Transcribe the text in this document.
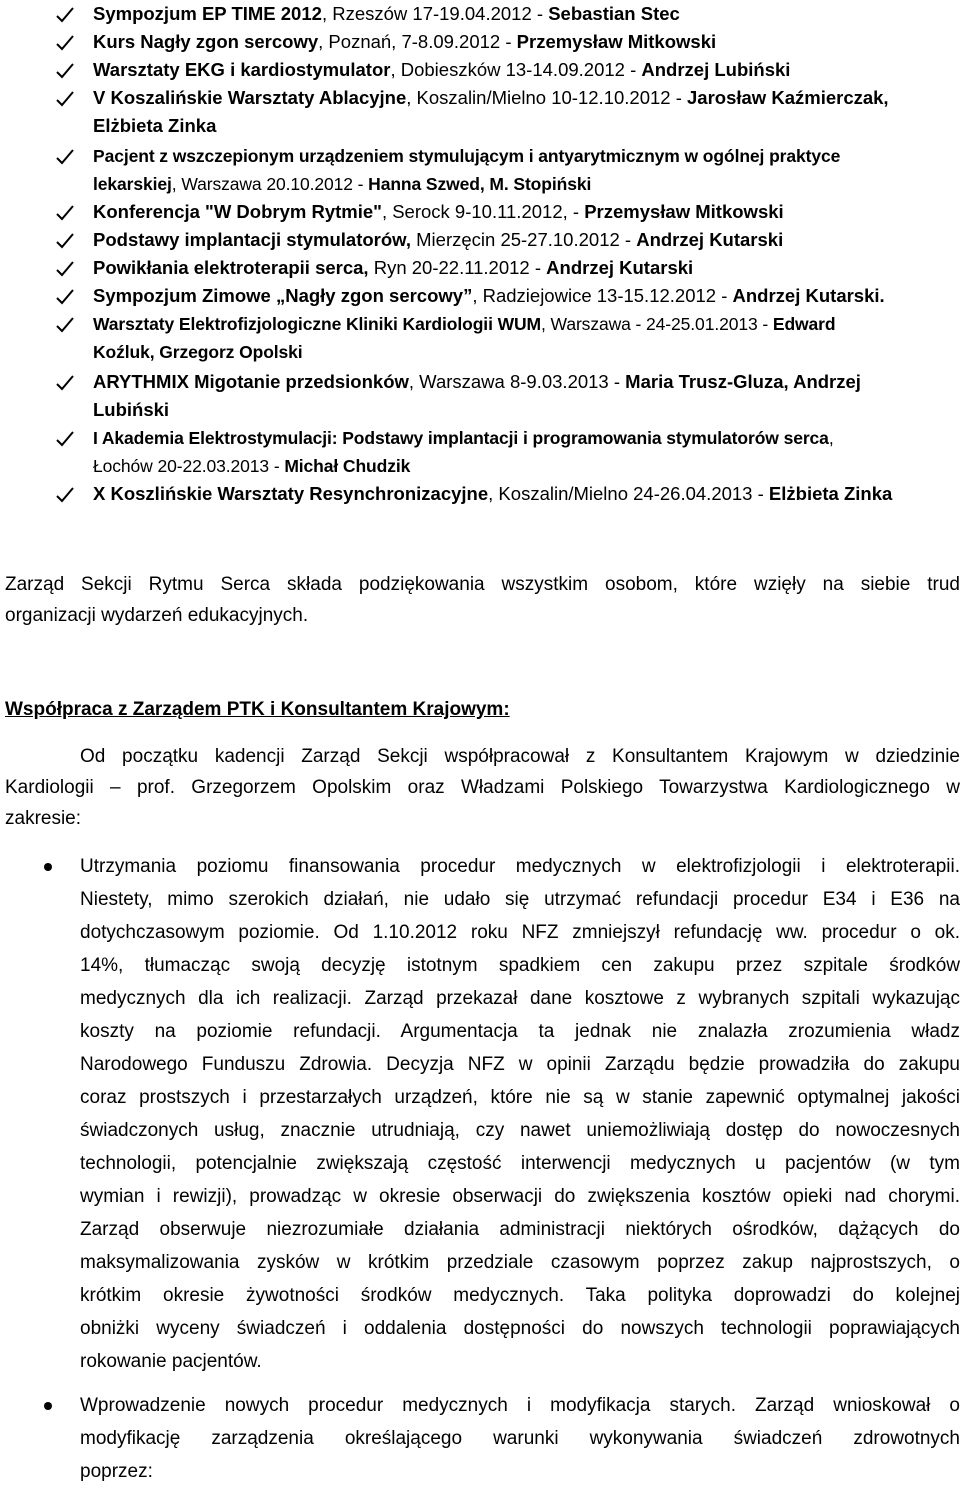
Sympozjum EP TIME 2012, Rzeszów 17-19.04.2012 - Sebastian Stec
Kurs Nagły zgon sercowy, Poznań, 7-8.09.2012 - Przemysław Mitkowski
Warsztaty EKG i kardiostymulator, Dobieszków 13-14.09.2012 - Andrzej Lubiński
V Koszalińskie Warsztaty Ablacyjne, Koszalin/Mielno 10-12.10.2012 - Jarosław Kaźmierczak,
Elżbieta Zinka
Pacjent z wszczepionym urządzeniem stymulującym i antyarytmicznym w ogólnej praktyce
lekarskiej, Warszawa 20.10.2012 - Hanna Szwed, M. Stopiński
Konferencja "W Dobrym Rytmie", Serock 9-10.11.2012, - Przemysław Mitkowski
Podstawy implantacji stymulatorów, Mierzęcin 25-27.10.2012 - Andrzej Kutarski
Powikłania elektroterapii serca, Ryn 20-22.11.2012 - Andrzej Kutarski
Sympozjum Zimowe „Nagły zgon sercowy”, Radziejowice 13-15.12.2012 - Andrzej Kutarski.
Warsztaty Elektrofizjologiczne Kliniki Kardiologii WUM, Warszawa - 24-25.01.2013 - Edward
Koźluk, Grzegorz Opolski
ARYTHMIX Migotanie przedsionków, Warszawa 8-9.03.2013 - Maria Trusz-Gluza, Andrzej
Lubiński
I Akademia Elektrostymulacji: Podstawy implantacji i programowania stymulatorów serca,
Łochów 20-22.03.2013 - Michał Chudzik
X Koszlińskie Warsztaty Resynchronizacyjne, Koszalin/Mielno 24-26.04.2013 - Elżbieta Zinka
Zarząd Sekcji Rytmu Serca składa podziękowania wszystkim osobom, które wzięły na siebie trud
organizacji wydarzeń edukacyjnych.
Współpraca z Zarządem PTK i Konsultantem Krajowym:
Od początku kadencji Zarząd Sekcji współpracował z Konsultantem Krajowym w dziedzinie
Kardiologii – prof. Grzegorzem Opolskim oraz Władzami Polskiego Towarzystwa Kardiologicznego w
zakresie:
Utrzymania poziomu finansowania procedur medycznych w elektrofizjologii i elektroterapii.
Niestety, mimo szerokich działań, nie udało się utrzymać refundacji procedur E34 i E36 na
dotychczasowym poziomie. Od 1.10.2012 roku NFZ zmniejszył refundację ww. procedur o ok.
14%, tłumacząc swoją decyzję istotnym spadkiem cen zakupu przez szpitale środków
medycznych dla ich realizacji. Zarząd przekazał dane kosztowe z wybranych szpitali wykazując
koszty na poziomie refundacji. Argumentacja ta jednak nie znalazła zrozumienia władz
Narodowego Funduszu Zdrowia. Decyzja NFZ w opinii Zarządu będzie prowadziła do zakupu
coraz prostszych i przestarzałych urządzeń, które nie są w stanie zapewnić optymalnej jakości
świadczonych usług, znacznie utrudniają, czy nawet uniemożliwiają dostęp do nowoczesnych
technologii, potencjalnie zwiększają częstość interwencji medycznych u pacjentów (w tym
wymian i rewizji), prowadząc w okresie obserwacji do zwiększenia kosztów opieki nad chorymi.
Zarząd obserwuje niezrozumiałe działania administracji niektórych ośrodków, dążących do
maksymalizowania zysków w krótkim przedziale czasowym poprzez zakup najprostszych, o
krótkim okresie żywotności środków medycznych. Taka polityka doprowadzi do kolejnej
obniżki wyceny świadczeń i oddalenia dostępności do nowszych technologii poprawiających
rokowanie pacjentów.
Wprowadzenie nowych procedur medycznych i modyfikacja starych. Zarząd wnioskował o
modyfikację zarządzenia określającego warunki wykonywania świadczeń zdrowotnych
poprzez:
